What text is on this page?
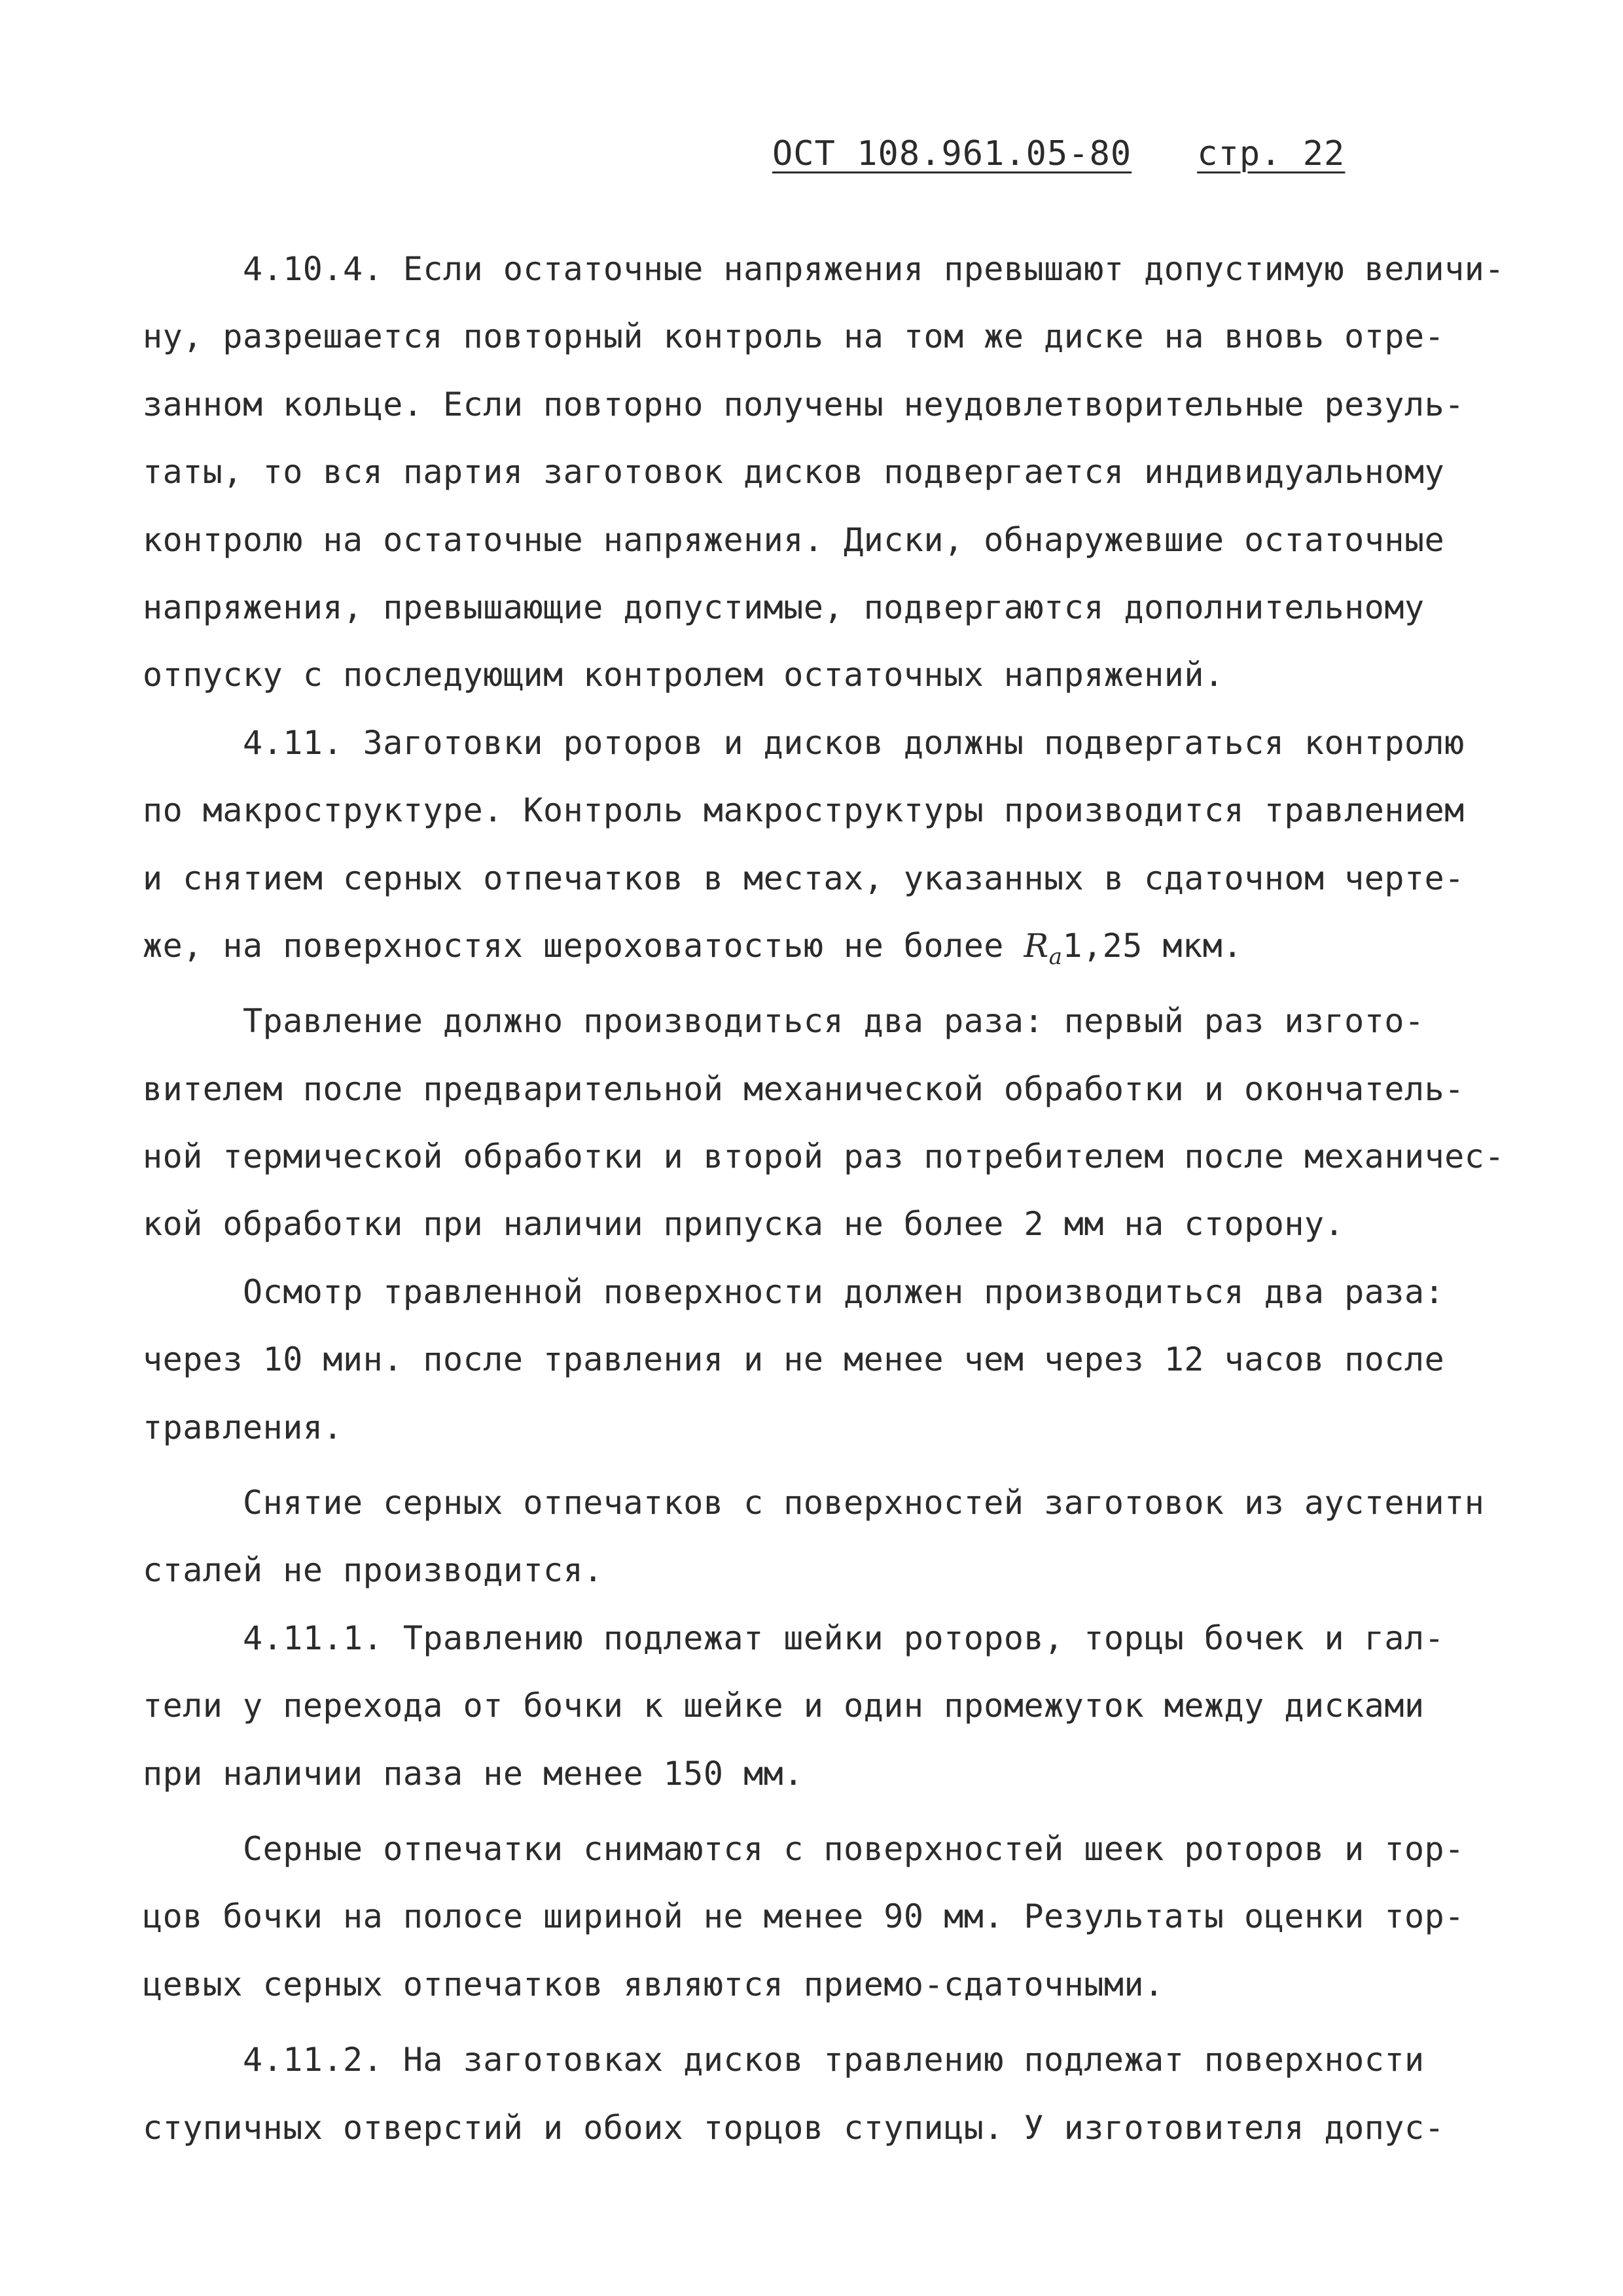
ОСТ 108.961.05-80 стр. 22
4.10.4. Если остаточные напряжения превышают допустимую величи-
ну, разрешается повторный контроль на том же диске на вновь отре-
занном кольце. Если повторно получены неудовлетворительные резуль-
таты, то вся партия заготовок дисков подвергается индивидуальному
контролю на остаточные напряжения. Диски, обнаружевшие остаточные
напряжения, превышающие допустимые, подвергаются дополнительному
отпуску с последующим контролем остаточных напряжений.
4.11. Заготовки роторов и дисков должны подвергаться контролю
по макроструктуре. Контроль макроструктуры производится травлением
и снятием серных отпечатков в местах, указанных в сдаточном черте-
же, на поверхностях шероховатостью не более $R_a1,25$ мкм.
Травление должно производиться два раза: первый раз изгото-
вителем после предварительной механической обработки и окончатель-
ной термической обработки и второй раз потребителем после механичес-
кой обработки при наличии припуска не более 2 мм на сторону.
Осмотр травленной поверхности должен производиться два раза:
через 10 мин. после травления и не менее чем через 12 часов после
травления.
Снятие серных отпечатков с поверхностей заготовок из аустенитн
сталей не производится.
4.11.1. Травлению подлежат шейки роторов, торцы бочек и гал-
тели у перехода от бочки к шейке и один промежуток между дисками
при наличии паза не менее 150 мм.
Серные отпечатки снимаются с поверхностей шеек роторов и тор-
цов бочки на полосе шириной не менее 90 мм. Результаты оценки тор-
цевых серных отпечатков являются приемо-сдаточными.
4.11.2. На заготовках дисков травлению подлежат поверхности
ступичных отверстий и обоих торцов ступицы. У изготовителя допус-
